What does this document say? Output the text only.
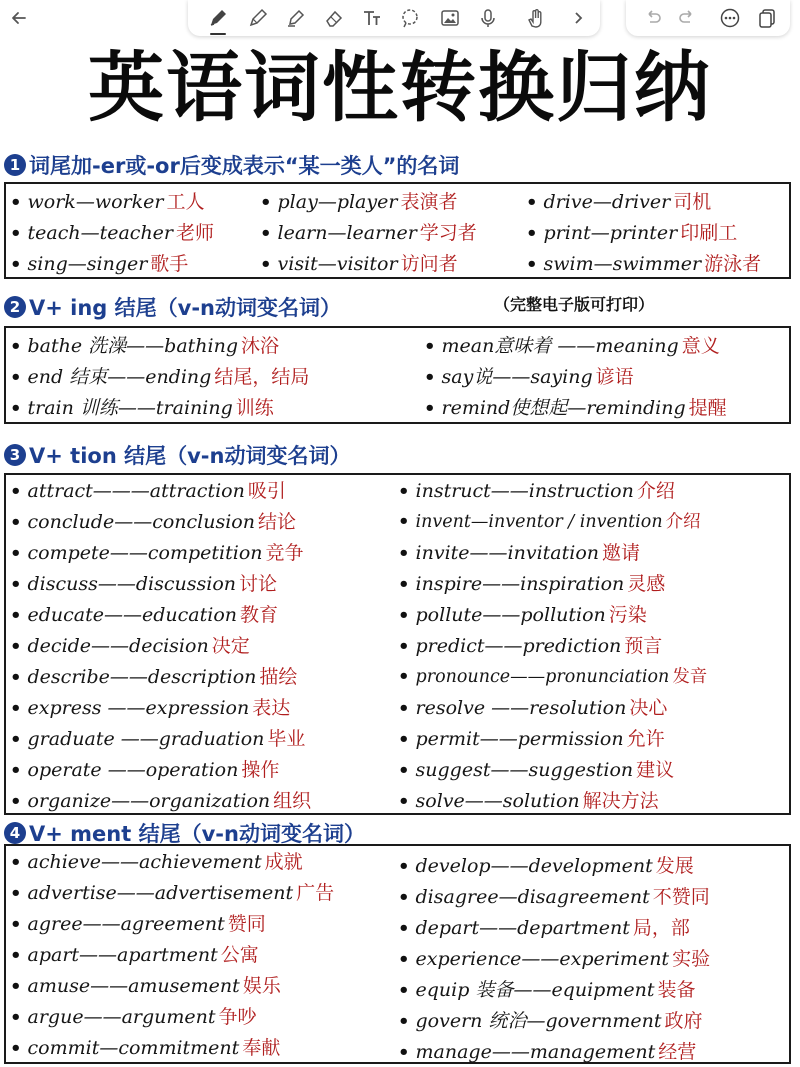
英语词性转换归纳
1 词尾加-er或-or后变成表示“某一类人”的名词
• work—worker 工人
• teach—teacher 老师
• sing—singer 歌手
• play—player 表演者
• learn—learner 学习者
• visit—visitor 访问者
• drive—driver 司机
• print—printer 印刷工
• swim—swimmer 游泳者
2 V+ ing 结尾（v-n动词变名词）	（完整电子版可打印）
• bathe 洗澡——bathing 沐浴
• end 结束——ending 结尾，结局
• train 训练——training 训练
• mean意味着 ——meaning 意义
• say说——saying 谚语
• remind使想起—reminding 提醒
3 V+ tion 结尾（v-n动词变名词）
• attract———attraction 吸引
• conclude——conclusion 结论
• compete——competition 竞争
• discuss——discussion 讨论
• educate——education 教育
• decide——decision 决定
• describe——description 描绘
• express ——expression 表达
• graduate ——graduation 毕业
• operate ——operation 操作
• organize——organization 组织
• instruct——instruction 介绍
• invent—inventor / invention 介绍
• invite——invitation 邀请
• inspire——inspiration 灵感
• pollute——pollution 污染
• predict——prediction 预言
• pronounce——pronunciation 发音
• resolve ——resolution 决心
• permit——permission 允许
• suggest——suggestion 建议
• solve——solution 解决方法
4 V+ ment 结尾（v-n动词变名词）
• achieve——achievement 成就
• advertise——advertisement 广告
• agree——agreement 赞同
• apart——apartment 公寓
• amuse——amusement 娱乐
• argue——argument 争吵
• commit—commitment 奉献
• develop——development 发展
• disagree—disagreement 不赞同
• depart——department 局，部
• experience——experiment 实验
• equip 装备——equipment 装备
• govern 统治—government 政府
• manage——management 经营
